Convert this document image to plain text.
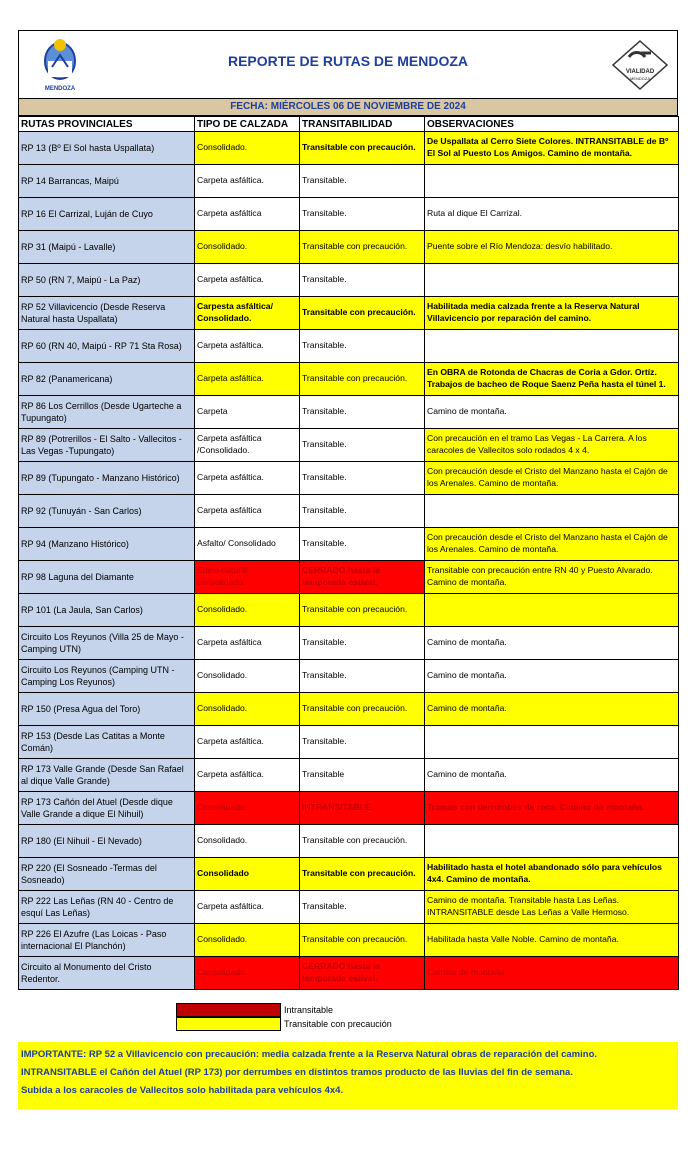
MENDOZA
REPORTE DE RUTAS DE MENDOZA
VIALIDAD
MENDOZA
FECHA: MIÉRCOLES 06 DE NOVIEMBRE DE 2024
RUTAS PROVINCIALES	TIPO DE CALZADA	TRANSITABILIDAD	OBSERVACIONES
RP 13 (Bº El Sol hasta Uspallata)	Consolidado.	Transitable con precaución.	De Uspallata al Cerro Siete Colores. INTRANSITABLE de Bº El Sol al Puesto Los Amigos. Camino de montaña.
RP 14 Barrancas, Maipú	Carpeta asfáltica.	Transitable.	
RP 16 El Carrizal, Luján de Cuyo	Carpeta asfáltica	Transitable.	Ruta al dique El Carrizal.
RP 31 (Maipú - Lavalle)	Consolidado.	Transitable con precaución.	Puente sobre el Río Mendoza: desvío habilitado.
RP 50 (RN 7, Maipú - La Paz)	Carpeta asfáltica.	Transitable.	
RP 52 Villavicencio (Desde Reserva Natural hasta Uspallata)	Carpesta asfáltica/ Consolidado.	Transitable con precaución.	Habilitada media calzada frente a la Reserva Natural Villavicencio por reparación del camino.
RP 60 (RN 40, Maipú - RP 71 Sta Rosa)	Carpeta asfáltica.	Transitable.	
RP 82 (Panamericana)	Carpeta asfáltica.	Transitable con precaución.	En OBRA de Rotonda de Chacras de Coria a Gdor. Ortíz. Trabajos de bacheo de Roque Saenz Peña hasta el túnel 1.
RP 86 Los Cerrillos (Desde Ugarteche a Tupungato)	Carpeta	Transitable.	Camino de montaña.
RP 89 (Potrerillos - El Salto - Vallecitos - Las Vegas -Tupungato)	Carpeta asfáltica /Consolidado.	Transitable.	Con precaución en el tramo Las Vegas - La Carrera. A los caracoles de Vallecitos solo rodados 4 x 4.
RP 89 (Tupungato - Manzano Histórico)	Carpeta asfáltica.	Transitable.	Con precaución desde el Cristo del Manzano hasta el Cajón de los Arenales. Camino de montaña.
RP 92 (Tunuyán - San Carlos)	Carpeta asfáltica	Transitable.	
RP 94 (Manzano Histórico)	Asfalto/ Consolidado	Transitable.	Con precaución desde el Cristo del Manzano hasta el Cajón de los Arenales. Camino de montaña.
RP 98 Laguna del Diamante	Suelo natural consolidado.	CERRADO hasta la temporada estival.	Transitable con precaución entre RN 40 y Puesto Alvarado. Camino de montaña.
RP 101 (La Jaula, San Carlos)	Consolidado.	Transitable con precaución.	
Circuito Los Reyunos (Villa 25 de Mayo - Camping UTN)	Carpeta asfáltica	Transitable.	Camino de montaña.
Circuito Los Reyunos (Camping UTN - Camping Los Reyunos)	Consolidado.	Transitable.	Camino de montaña.
RP 150 (Presa Agua del Toro)	Consolidado.	Transitable con precaución.	Camino de montaña.
RP 153 (Desde Las Catitas a Monte Comán)	Carpeta asfáltica.	Transitable.	
RP 173 Valle Grande (Desde San Rafael al dique Valle Grande)	Carpeta asfáltica.	Transitable	Camino de montaña.
RP 173 Cañón del Atuel (Desde dique Valle Grande a dique El Nihuil)	Consolidado.	INTRANSITABLE.	Tramos con derrumbes de roca. Camino de montaña.
RP 180 (El Nihuil - El Nevado)	Consolidado.	Transitable con precaución.	
RP 220 (El Sosneado -Termas del Sosneado)	Consolidado	Transitable con precaución.	Habilitado hasta el hotel abandonado sólo para vehículos 4x4. Camino de montaña.
RP 222 Las Leñas (RN 40 - Centro de esquí Las Leñas)	Carpeta asfáltica.	Transitable.	Camino de montaña. Transitable hasta Las Leñas. INTRANSITABLE desde Las Leñas a Valle Hermoso.
RP 226 El Azufre (Las Loicas - Paso internacional El Planchón)	Consolidado.	Transitable con precaución.	Habilitada hasta Valle Noble. Camino de montaña.
Circuito al Monumento del Cristo Redentor.	Consolidado.	CERRADO hasta la temporada estival.	Camino de montaña.
Intransitable
Transitable con precaución
IMPORTANTE: RP 52 a Villavicencio con precaución: media calzada frente a la Reserva Natural obras de reparación del camino.
INTRANSITABLE el Cañón del Atuel (RP 173) por derrumbes en distintos tramos producto de las lluvias del fin de semana.
Subida a los caracoles de Vallecitos solo habilitada para vehículos 4x4.
